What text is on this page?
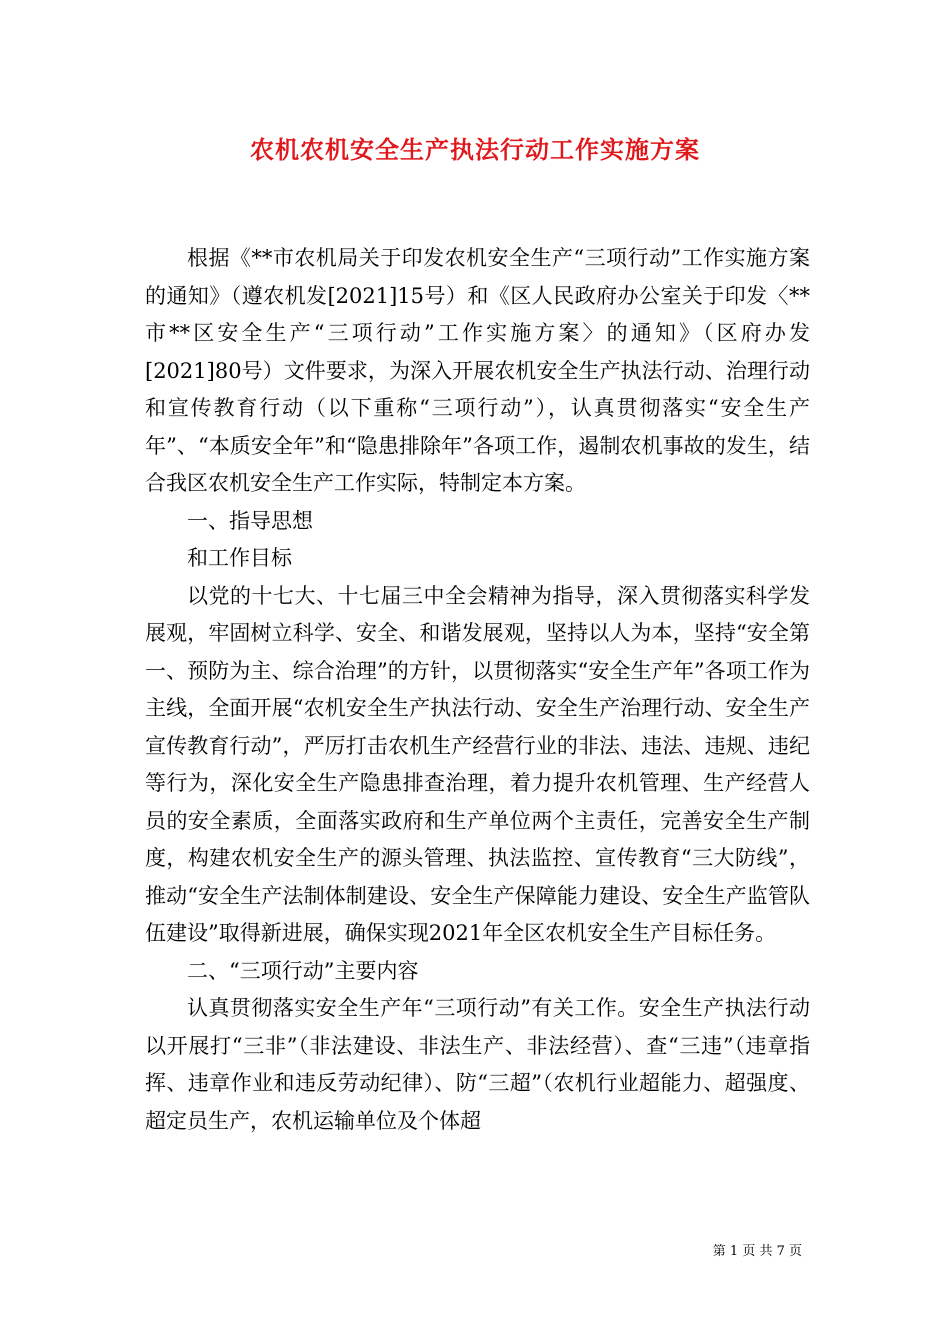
农机农机安全生产执法行动工作实施方案

根据《**市农机局关于印发农机安全生产“三项行动”工作实施方案的通知》（遵农机发[2021]15号）和《区人民政府办公室关于印发〈**市**区安全生产“三项行动”工作实施方案〉的通知》（区府办发[2021]80号）文件要求，为深入开展农机安全生产执法行动、治理行动和宣传教育行动（以下重称“三项行动”），认真贯彻落实“安全生产年”、“本质安全年”和“隐患排除年”各项工作，遏制农机事故的发生，结合我区农机安全生产工作实际，特制定本方案。

一、指导思想

和工作目标

以党的十七大、十七届三中全会精神为指导，深入贯彻落实科学发展观，牢固树立科学、安全、和谐发展观，坚持以人为本，坚持“安全第一、预防为主、综合治理”的方针，以贯彻落实“安全生产年”各项工作为主线，全面开展“农机安全生产执法行动、安全生产治理行动、安全生产宣传教育行动”，严厉打击农机生产经营行业的非法、违法、违规、违纪等行为，深化安全生产隐患排查治理，着力提升农机管理、生产经营人员的安全素质，全面落实政府和生产单位两个主责任，完善安全生产制度，构建农机安全生产的源头管理、执法监控、宣传教育“三大防线”，推动“安全生产法制体制建设、安全生产保障能力建设、安全生产监管队伍建设”取得新进展，确保实现2021年全区农机安全生产目标任务。

二、“三项行动”主要内容

认真贯彻落实安全生产年“三项行动”有关工作。安全生产执法行动以开展打“三非”（非法建设、非法生产、非法经营）、查“三违”（违章指挥、违章作业和违反劳动纪律）、防“三超”（农机行业超能力、超强度、超定员生产，农机运输单位及个体超

第 1 页 共 7 页
